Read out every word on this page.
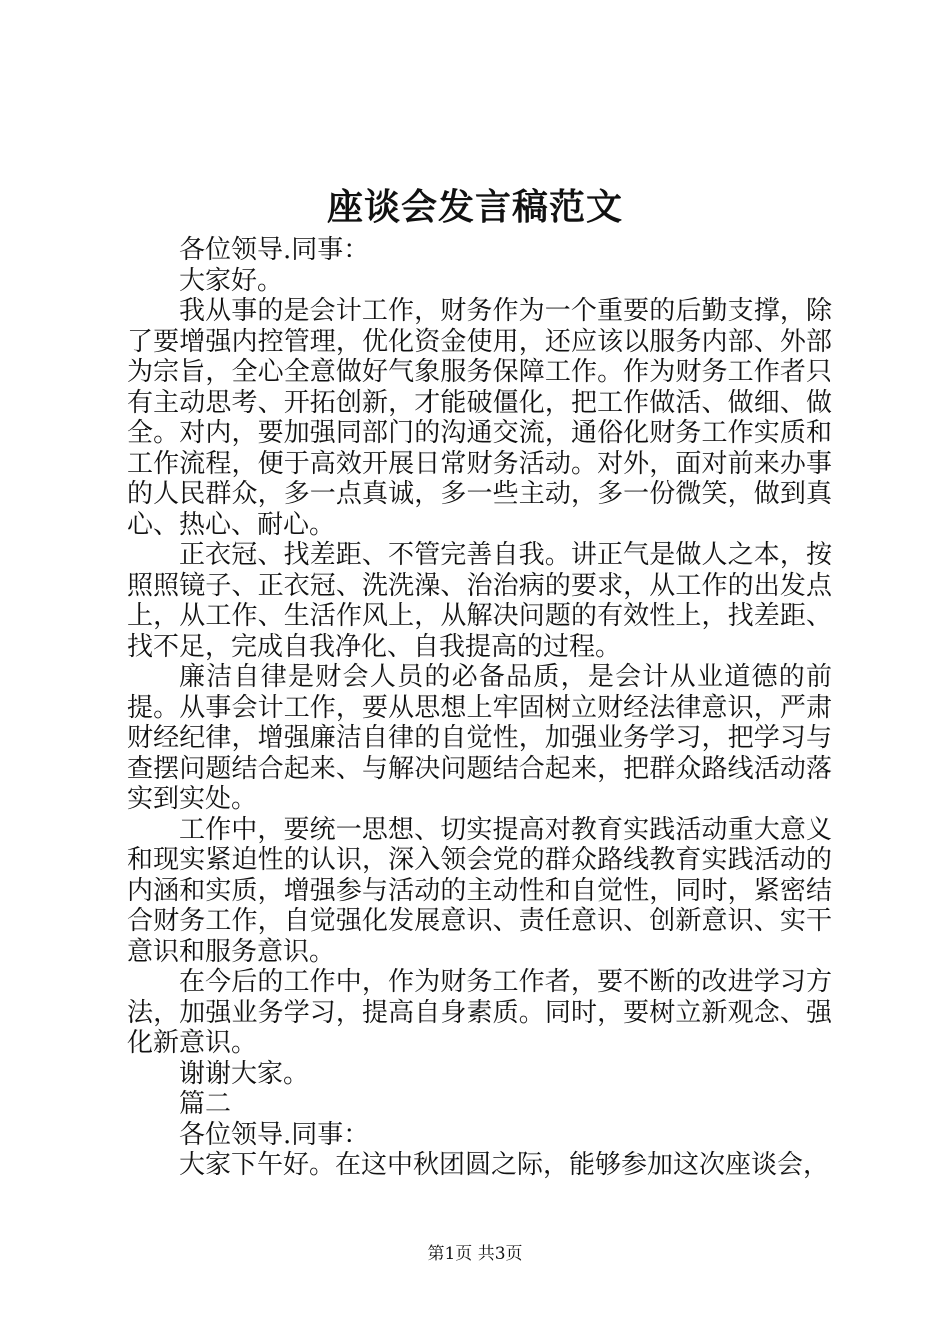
座谈会发言稿范文

各位领导.同事：

大家好。

我从事的是会计工作，财务作为一个重要的后勤支撑，除了要增强内控管理，优化资金使用，还应该以服务内部、外部为宗旨，全心全意做好气象服务保障工作。作为财务工作者只有主动思考、开拓创新，才能破僵化，把工作做活、做细、做全。对内，要加强同部门的沟通交流，通俗化财务工作实质和工作流程，便于高效开展日常财务活动。对外，面对前来办事的人民群众，多一点真诚，多一些主动，多一份微笑，做到真心、热心、耐心。

正衣冠、找差距、不管完善自我。讲正气是做人之本，按照照镜子、正衣冠、洗洗澡、治治病的要求，从工作的出发点上，从工作、生活作风上，从解决问题的有效性上，找差距、找不足，完成自我净化、自我提高的过程。

廉洁自律是财会人员的必备品质，是会计从业道德的前提。从事会计工作，要从思想上牢固树立财经法律意识，严肃财经纪律，增强廉洁自律的自觉性，加强业务学习，把学习与查摆问题结合起来、与解决问题结合起来，把群众路线活动落实到实处。

工作中，要统一思想、切实提高对教育实践活动重大意义和现实紧迫性的认识，深入领会党的群众路线教育实践活动的内涵和实质，增强参与活动的主动性和自觉性，同时，紧密结合财务工作，自觉强化发展意识、责任意识、创新意识、实干意识和服务意识。

在今后的工作中，作为财务工作者，要不断的改进学习方法，加强业务学习，提高自身素质。同时，要树立新观念、强化新意识。

谢谢大家。

篇二

各位领导.同事：

大家下午好。在这中秋团圆之际，能够参加这次座谈会，

第1页 共3页
